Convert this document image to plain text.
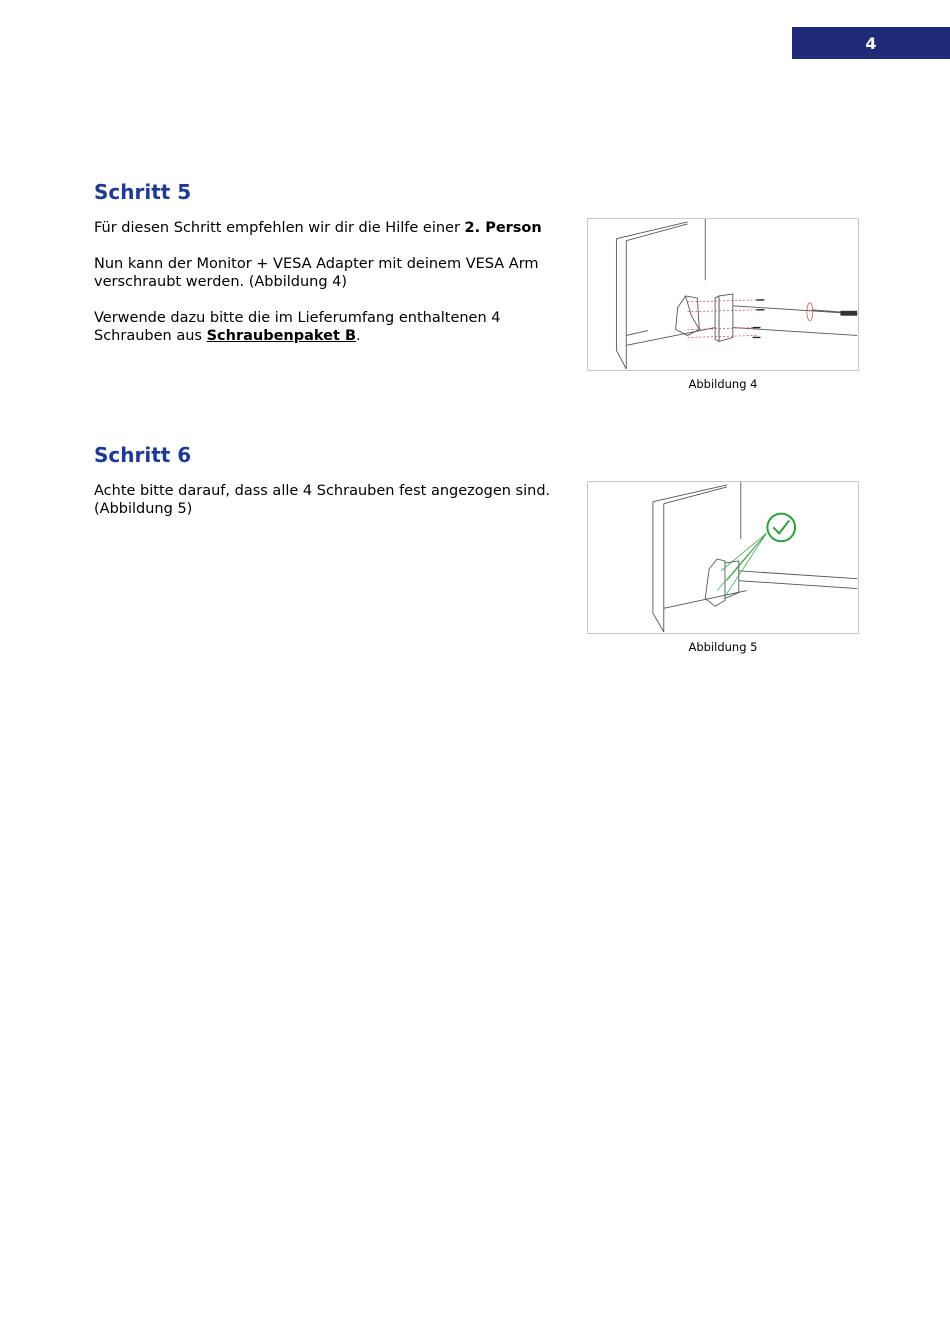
4
Schritt 5

Für diesen Schritt empfehlen wir dir die Hilfe einer 2. Person

Nun kann der Monitor + VESA Adapter mit deinem VESA Arm verschraubt werden. (Abbildung 4)

Verwende dazu bitte die im Lieferumfang enthaltenen 4 Schrauben aus Schraubenpaket B.

Abbildung 4
Schritt 6

Achte bitte darauf, dass alle 4 Schrauben fest angezogen sind. (Abbildung 5)

Abbildung 5
